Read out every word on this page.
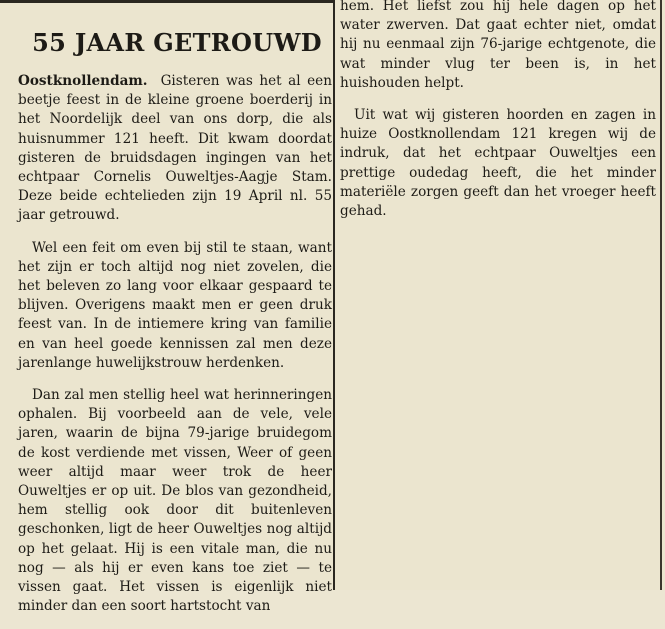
55 JAAR GETROUWD

Oostknollendam. Gisteren was het al een beetje feest in de kleine groene boerderij in het Noordelijk deel van ons dorp, die als huisnummer 121 heeft. Dit kwam doordat gisteren de bruidsdagen ingingen van het echtpaar Cornelis Ouweltjes-Aagje Stam. Deze beide echtelieden zijn 19 April nl. 55 jaar getrouwd.

Wel een feit om even bij stil te staan, want het zijn er toch altijd nog niet zovelen, die het beleven zo lang voor elkaar gespaard te blijven. Overigens maakt men er geen druk feest van. In de intiemere kring van familie en van heel goede kennissen zal men deze jarenlange huwelijkstrouw herdenken.

Dan zal men stellig heel wat herinneringen ophalen. Bij voorbeeld aan de vele, vele jaren, waarin de bijna 79-jarige bruidegom de kost verdiende met vissen, Weer of geen weer altijd maar weer trok de heer Ouweltjes er op uit. De blos van gezondheid, hem stellig ook door dit buitenleven geschonken, ligt de heer Ouweltjes nog altijd op het gelaat. Hij is een vitale man, die nu nog — als hij er even kans toe ziet — te vissen gaat. Het vissen is eigenlijk niet minder dan een soort hartstocht van

hem. Het liefst zou hij hele dagen op het water zwerven. Dat gaat echter niet, omdat hij nu eenmaal zijn 76-jarige echtgenote, die wat minder vlug ter been is, in het huishouden helpt.

Uit wat wij gisteren hoorden en zagen in huize Oostknollendam 121 kregen wij de indruk, dat het echtpaar Ouweltjes een prettige oudedag heeft, die het minder materiële zorgen geeft dan het vroeger heeft gehad.
